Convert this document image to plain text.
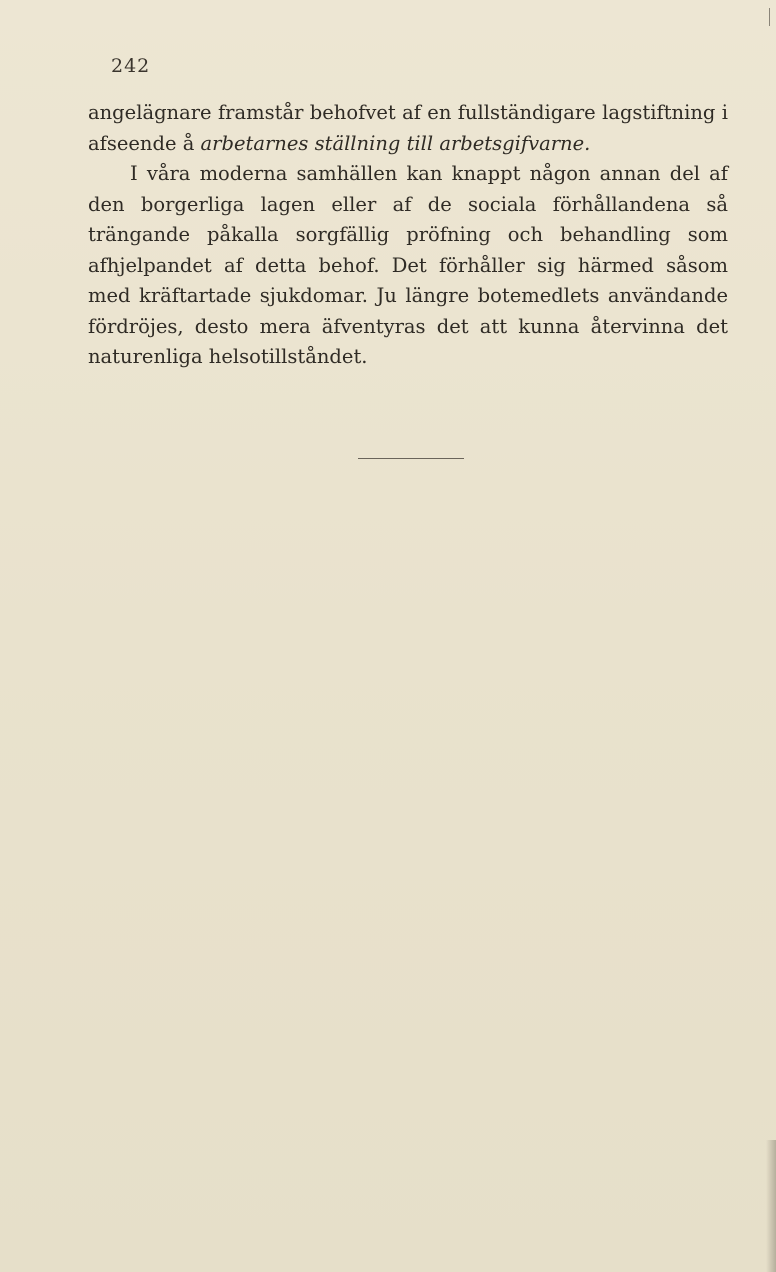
242

angelägnare framstår behofvet af en fullständigare lagstiftning i afseende å arbetarnes ställning till arbetsgifvarne.

I våra moderna samhällen kan knappt någon annan del af den borgerliga lagen eller af de sociala förhållandena så trängande påkalla sorgfällig pröfning och behandling som afhjelpandet af detta behof. Det förhåller sig härmed såsom med kräftartade sjukdomar. Ju längre botemedlets användande fördröjes, desto mera äfventyras det att kunna återvinna det naturenliga helsotillståndet.
